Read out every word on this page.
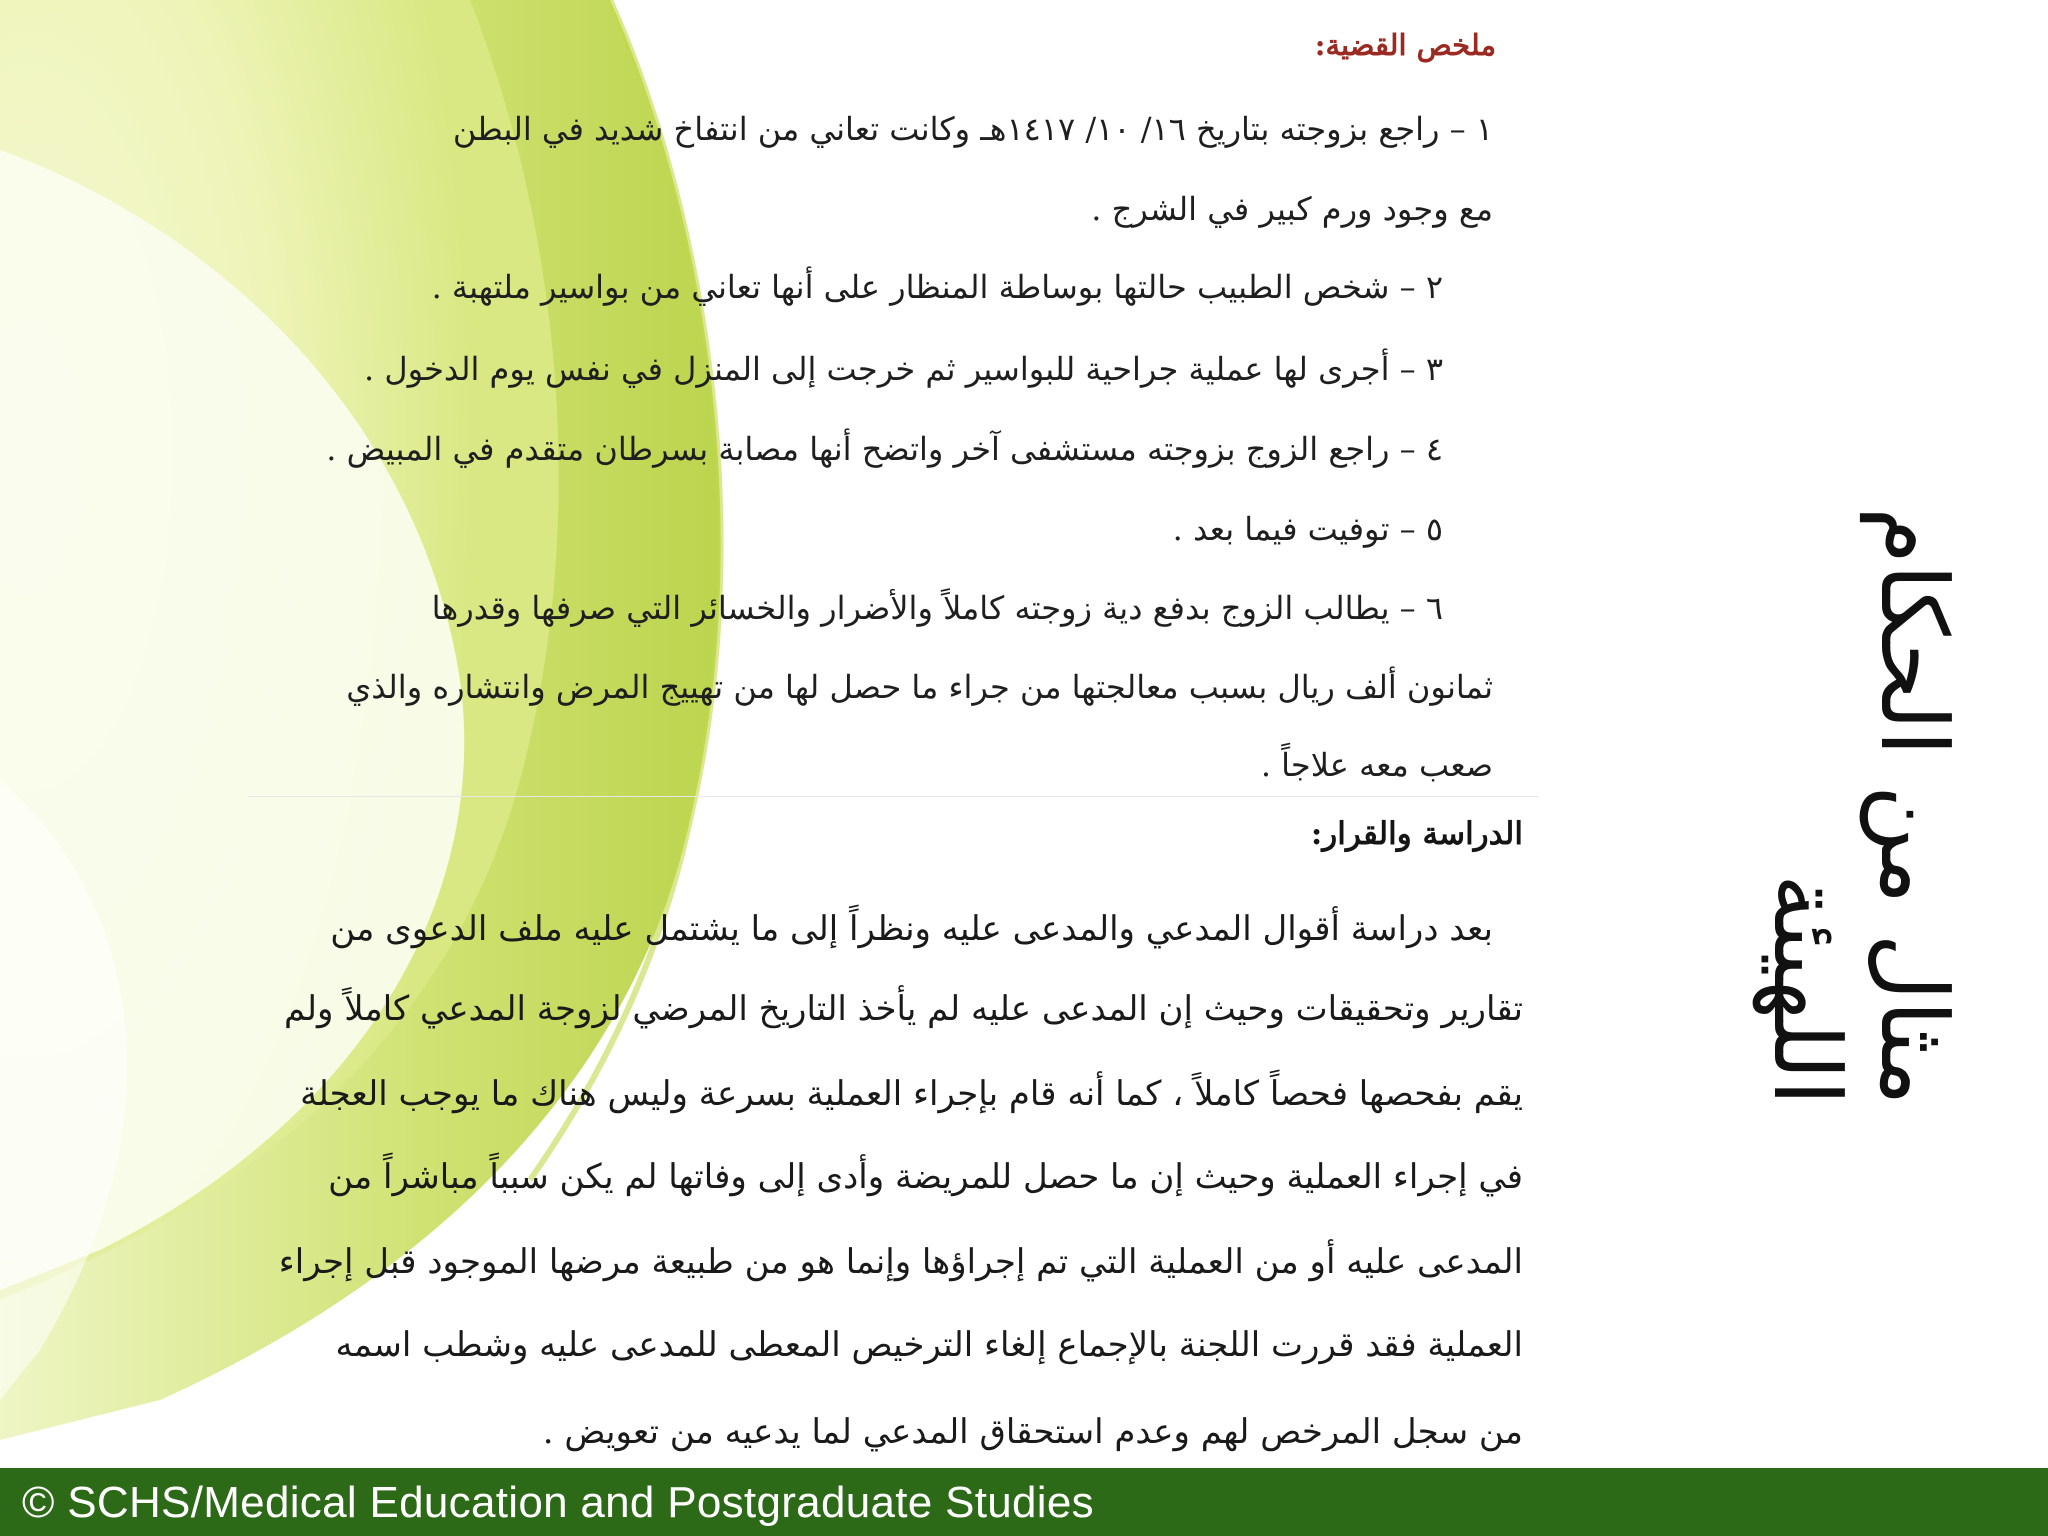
ملخص القضية:

١ – راجع بزوجته بتاريخ ١٦/ ١٠/ ١٤١٧هـ وكانت تعاني من انتفاخ شديد في البطن

مع وجود ورم كبير في الشرج .

٢ – شخص الطبيب حالتها بوساطة المنظار على أنها تعاني من بواسير ملتهبة .

٣ – أجرى لها عملية جراحية للبواسير ثم خرجت إلى المنزل في نفس يوم الدخول .

٤ – راجع الزوج بزوجته مستشفى آخر واتضح أنها مصابة بسرطان متقدم في المبيض .

٥ – توفيت فيما بعد .

٦ – يطالب الزوج بدفع دية زوجته كاملاً والأضرار والخسائر التي صرفها وقدرها

ثمانون ألف ريال بسبب معالجتها من جراء ما حصل لها من تهييج المرض وانتشاره والذي

صعب معه علاجاً .

الدراسة والقرار:

بعد دراسة أقوال المدعي والمدعى عليه ونظراً إلى ما يشتمل عليه ملف الدعوى من

تقارير وتحقيقات وحيث إن المدعى عليه لم يأخذ التاريخ المرضي لزوجة المدعي كاملاً ولم

يقم بفحصها فحصاً كاملاً ، كما أنه قام بإجراء العملية بسرعة وليس هناك ما يوجب العجلة

في إجراء العملية وحيث إن ما حصل للمريضة وأدى إلى وفاتها لم يكن سبباً مباشراً من

المدعى عليه أو من العملية التي تم إجراؤها وإنما هو من طبيعة مرضها الموجود قبل إجراء

العملية فقد قررت اللجنة بالإجماع إلغاء الترخيص المعطى للمدعى عليه وشطب اسمه

من سجل المرخص لهم وعدم استحقاق المدعي لما يدعيه من تعويض .

مثال من الحكام اللهيئة

© SCHS/Medical Education and Postgraduate Studies
